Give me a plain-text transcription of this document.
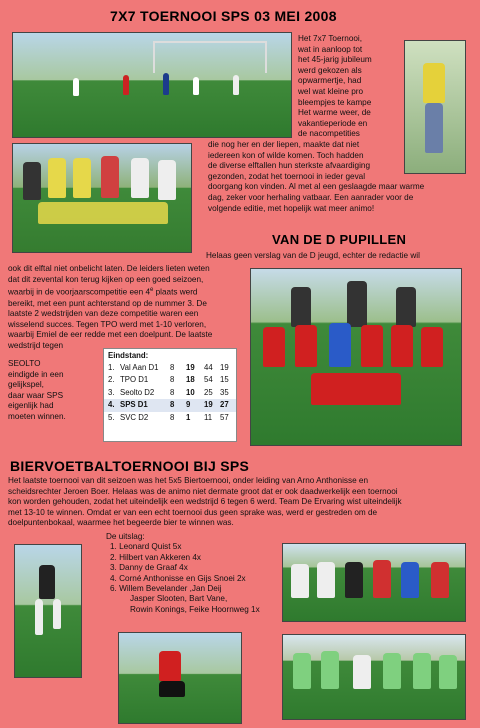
7X7 TOERNOOI SPS 03 MEI 2008
Het 7x7 Toernooi,
wat in aanloop tot
het 45-jarig jubileum
werd gekozen als
opwarmertje, had
wel wat kleine pro
bleempjes te kampe
Het warme weer, de
vakantieperiode en
de nacompetities
die nog her en der liepen, maakte dat niet
iedereen kon of wilde komen. Toch hadden
de diverse elftallen hun sterkste afvaardiging
gezonden, zodat het toernooi in ieder geval
doorgang kon vinden. Al met al een geslaagde maar warme
dag, zeker voor herhaling vatbaar. Een aanrader voor de
volgende editie, met hopelijk wat meer animo!
VAN DE D PUPILLEN
Helaas geen verslag van de D jeugd, echter de redactie wil
ook dit elftal niet onbelicht laten. De leiders lieten weten
dat dit zevental kon terug kijken op een goed seizoen,
waarbij in de voorjaarscompetitie een 4e plaats werd
bereikt, met een punt achterstand op de nummer 3. De
laatste 2 wedstrijden van deze competitie waren een
wisselend succes. Tegen TPO werd met 1-10 verloren,
waarbij Emiel de eer redde met een doelpunt. De laatste
wedstrijd tegen
SEOLTO
eindigde in een
gelijkspel,
daar waar SPS
eigenlijk had
moeten winnen.
Eindstand:
1. Val Aan D1 8 19 44 19
2. TPO D1	8 18 54 15
3. Seolto D2 8 10 25 35
4. SPS D1	8 9 19 27
5. SVC D2	8 1 11 57
BIERVOETBALTOERNOOI BIJ SPS
Het laatste toernooi van dit seizoen was het 5x5 Biertoernooi, onder leiding van Arno Anthonisse en
scheidsrechter Jeroen Boer. Helaas was de animo niet dermate groot dat er ook daadwerkelijk een toernooi
kon worden gehouden, zodat het uiteindelijk een wedstrijd 6 tegen 6 werd. Team De Ervaring wist uiteindelijk
met 13-10 te winnen. Omdat er van een echt toernooi dus geen sprake was, werd er gestreden om de
doelpuntenbokaal, waarmee het begeerde bier te winnen was.
De uitslag:
1. Leonard Quist 5x
2. Hilbert van Akkeren 4x
3. Danny de Graaf 4x
4. Corné Anthonisse en Gijs Snoei 2x
6. Willem Bevelander ,Jan Deij
Jasper Slooten, Bart Vane,
Rowin Konings, Feike Hoornweg 1x
